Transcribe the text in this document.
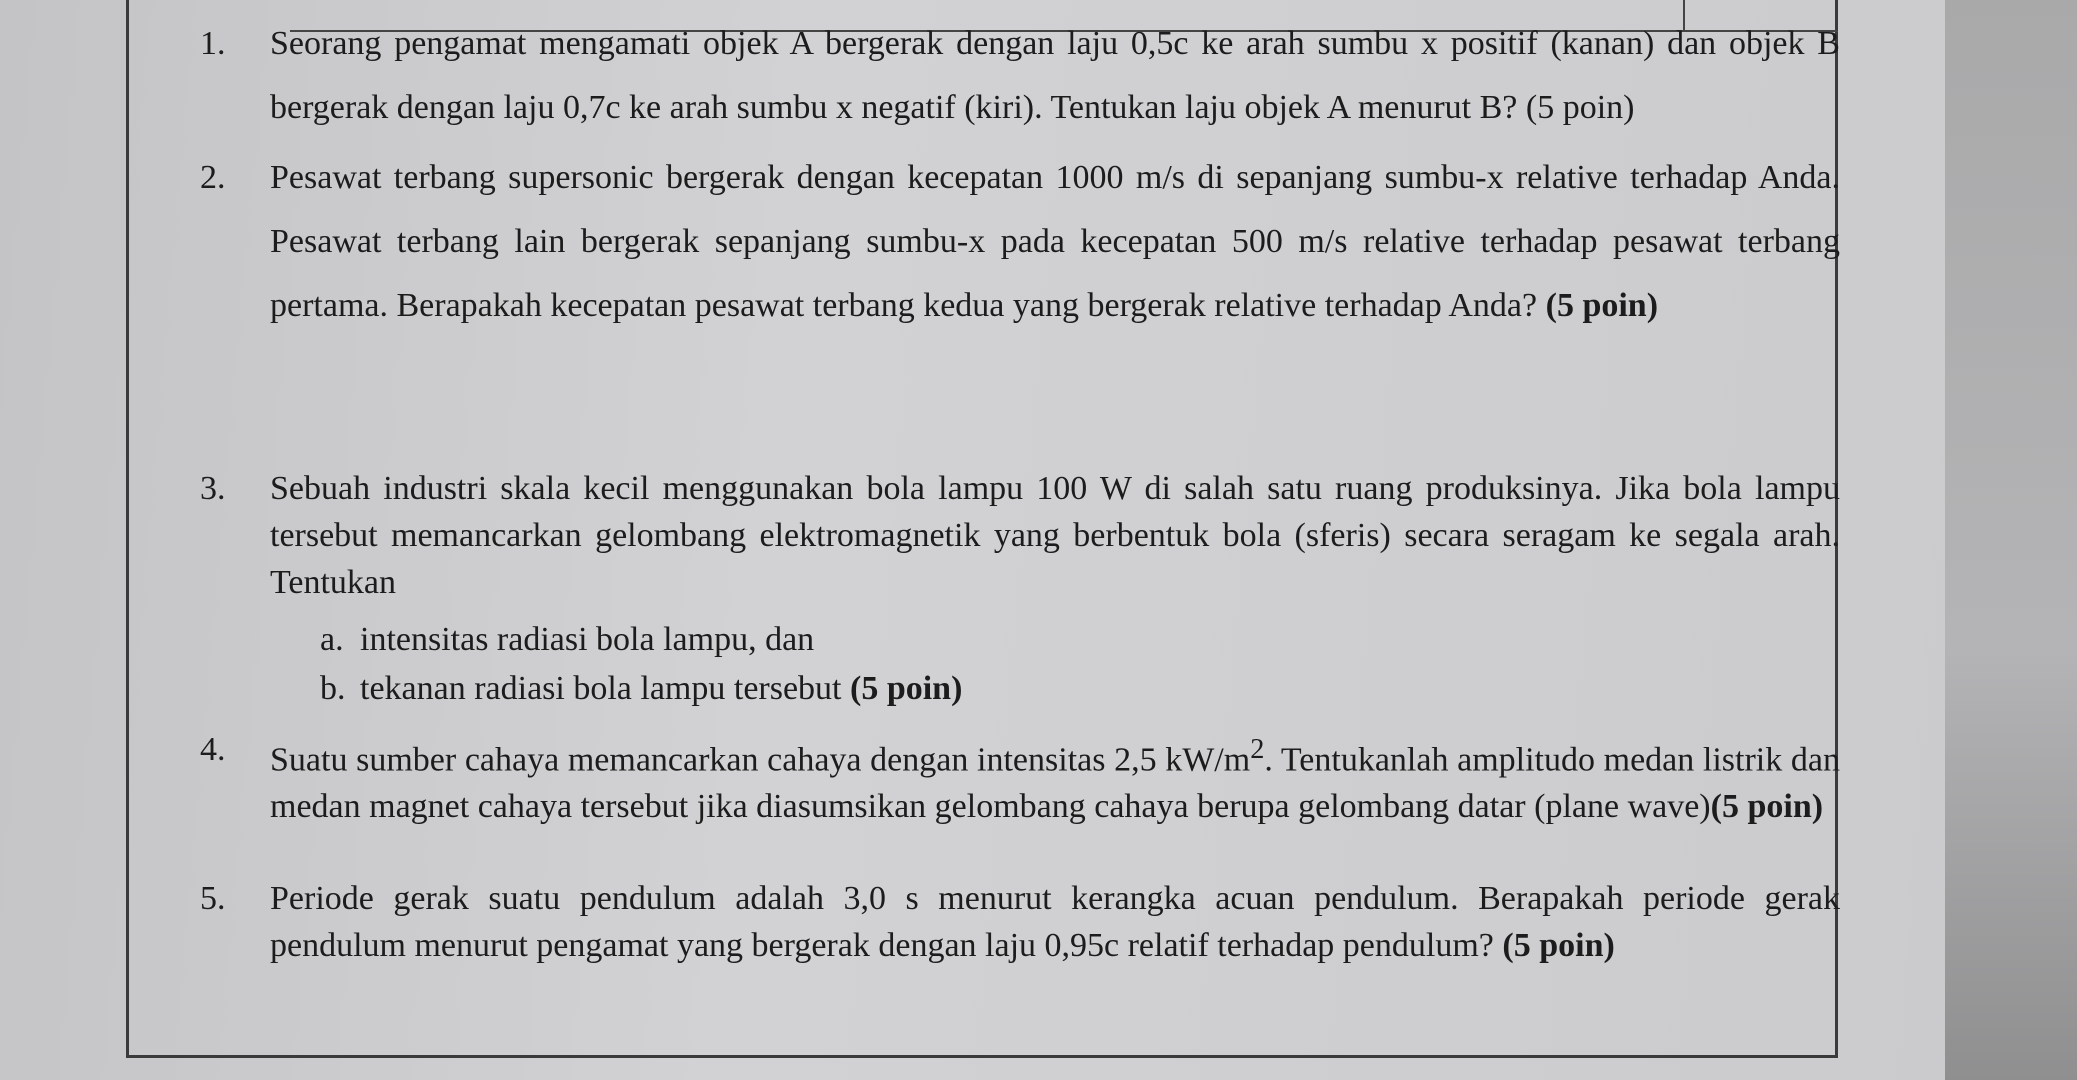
1.	Seorang pengamat mengamati objek A bergerak dengan laju 0,5c ke arah sumbu x positif (kanan) dan objek B bergerak dengan laju 0,7c ke arah sumbu x negatif (kiri). Tentukan laju objek A menurut B? (5 poin)
2.	Pesawat terbang supersonic bergerak dengan kecepatan 1000 m/s di sepanjang sumbu-x relative terhadap Anda. Pesawat terbang lain bergerak sepanjang sumbu-x pada kecepatan 500 m/s relative terhadap pesawat terbang pertama. Berapakah kecepatan pesawat terbang kedua yang bergerak relative terhadap Anda? (5 poin)
3.	Sebuah industri skala kecil menggunakan bola lampu 100 W di salah satu ruang produksinya. Jika bola lampu tersebut memancarkan gelombang elektromagnetik yang berbentuk bola (sferis) secara seragam ke segala arah. Tentukan
a. intensitas radiasi bola lampu, dan
b. tekanan radiasi bola lampu tersebut (5 poin)
4.	Suatu sumber cahaya memancarkan cahaya dengan intensitas 2,5 $kW/m^2$. Tentukanlah amplitudo medan listrik dan medan magnet cahaya tersebut jika diasumsikan gelombang cahaya berupa gelombang datar (plane wave)(5 poin)
5.	Periode gerak suatu pendulum adalah 3,0 s menurut kerangka acuan pendulum. Berapakah periode gerak pendulum menurut pengamat yang bergerak dengan laju 0,95c relatif terhadap pendulum? (5 poin)
